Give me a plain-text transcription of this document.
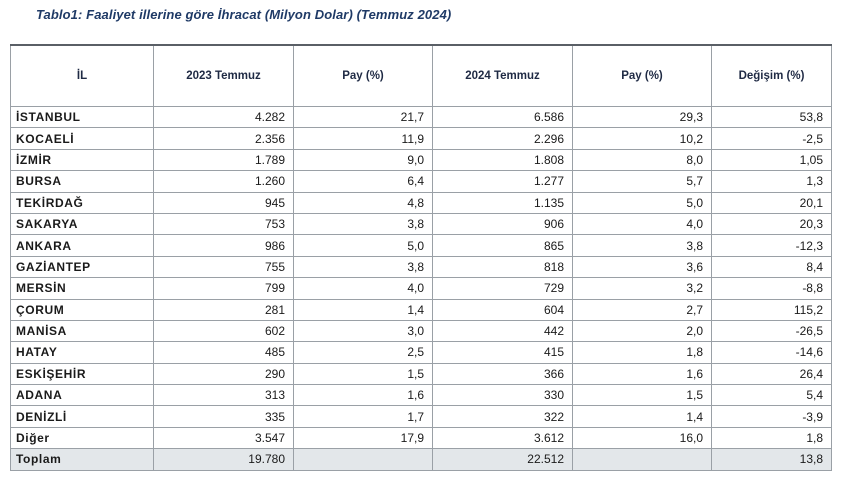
Tablo1: Faaliyet illerine göre İhracat (Milyon Dolar) (Temmuz 2024)
İL	2023 Temmuz	Pay (%)	2024 Temmuz	Pay (%)	Değişim (%)
İSTANBUL	4.282	21,7	6.586	29,3	53,8
KOCAELİ	2.356	11,9	2.296	10,2	-2,5
İZMİR	1.789	9,0	1.808	8,0	1,05
BURSA	1.260	6,4	1.277	5,7	1,3
TEKİRDAĞ	945	4,8	1.135	5,0	20,1
SAKARYA	753	3,8	906	4,0	20,3
ANKARA	986	5,0	865	3,8	-12,3
GAZİANTEP	755	3,8	818	3,6	8,4
MERSİN	799	4,0	729	3,2	-8,8
ÇORUM	281	1,4	604	2,7	115,2
MANİSA	602	3,0	442	2,0	-26,5
HATAY	485	2,5	415	1,8	-14,6
ESKİŞEHİR	290	1,5	366	1,6	26,4
ADANA	313	1,6	330	1,5	5,4
DENİZLİ	335	1,7	322	1,4	-3,9
Diğer	3.547	17,9	3.612	16,0	1,8
Toplam	19.780		22.512		13,8
